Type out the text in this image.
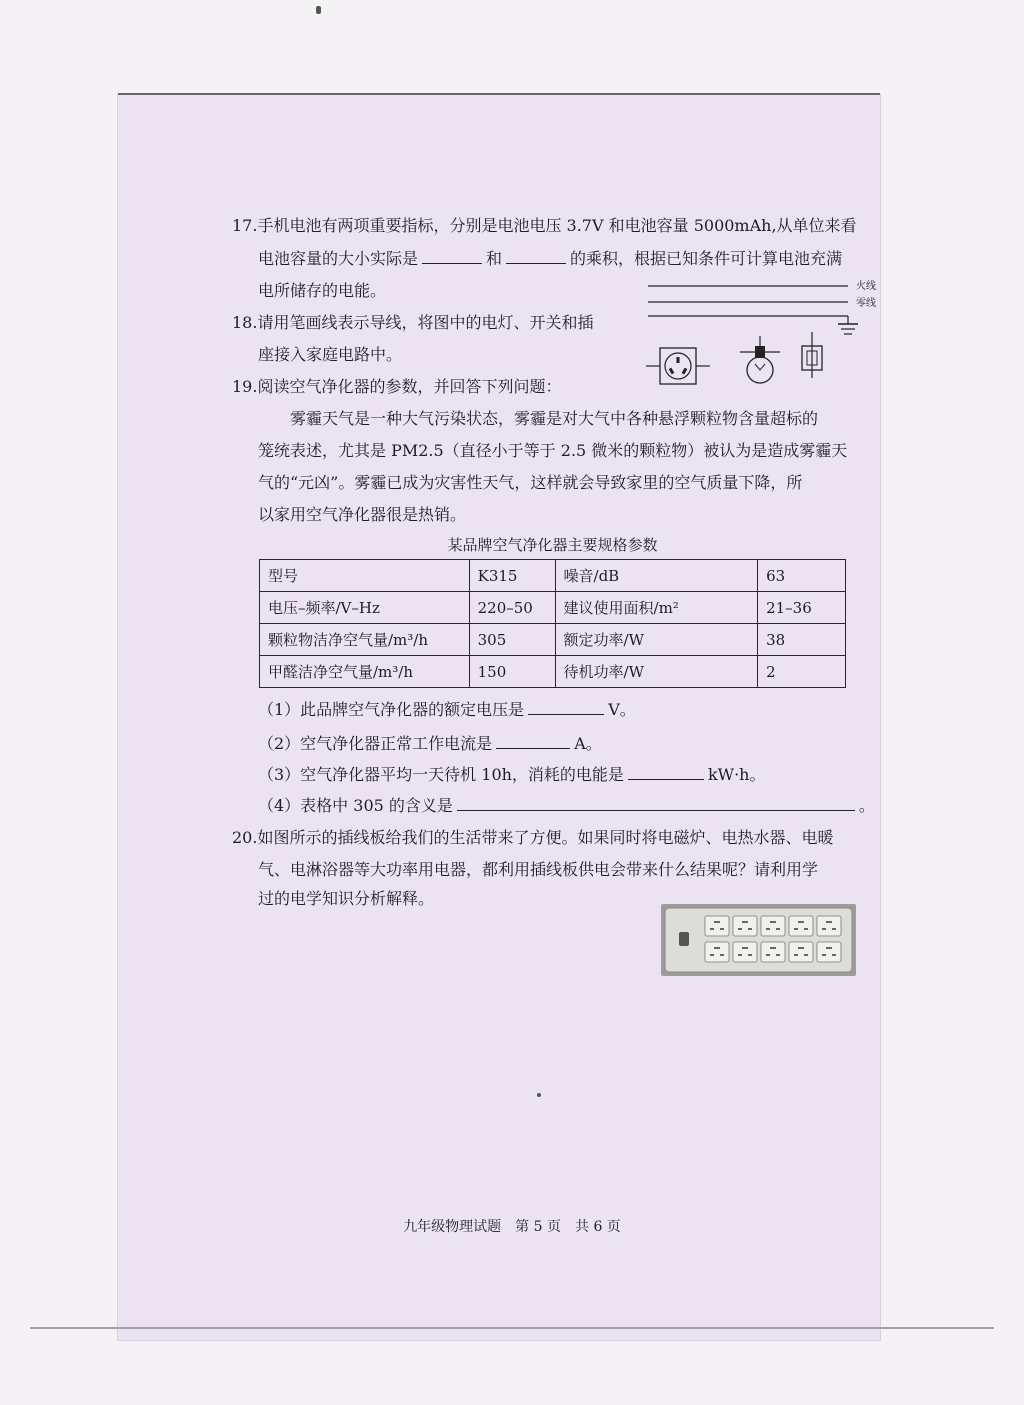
17.手机电池有两项重要指标，分别是电池电压 3.7V 和电池容量 5000mAh,从单位来看
电池容量的大小实际是	和	的乘积，根据已知条件可计算电池充满
电所储存的电能。
18.请用笔画线表示导线，将图中的电灯、开关和插
座接入家庭电路中。
火线
零线
19.阅读空气净化器的参数，并回答下列问题：
雾霾天气是一种大气污染状态，雾霾是对大气中各种悬浮颗粒物含量超标的
笼统表述，尤其是 PM2.5（直径小于等于 2.5 微米的颗粒物）被认为是造成雾霾天
气的“元凶”。雾霾已成为灾害性天气，这样就会导致家里的空气质量下降，所
以家用空气净化器很是热销。
某品牌空气净化器主要规格参数
型号	K315	噪音/dB	63
电压–频率/V–Hz	220–50	建议使用面积/m²	21–36
颗粒物洁净空气量/m³/h	305	额定功率/W	38
甲醛洁净空气量/m³/h	150	待机功率/W	2
（1）此品牌空气净化器的额定电压是	V。
（2）空气净化器正常工作电流是	A。
（3）空气净化器平均一天待机 10h，消耗的电能是	kW·h。
（4）表格中 305 的含义是	。
20.如图所示的插线板给我们的生活带来了方便。如果同时将电磁炉、电热水器、电暖
气、电淋浴器等大功率用电器，都利用插线板供电会带来什么结果呢？请利用学
过的电学知识分析解释。
九年级物理试题　第 5 页　共 6 页
